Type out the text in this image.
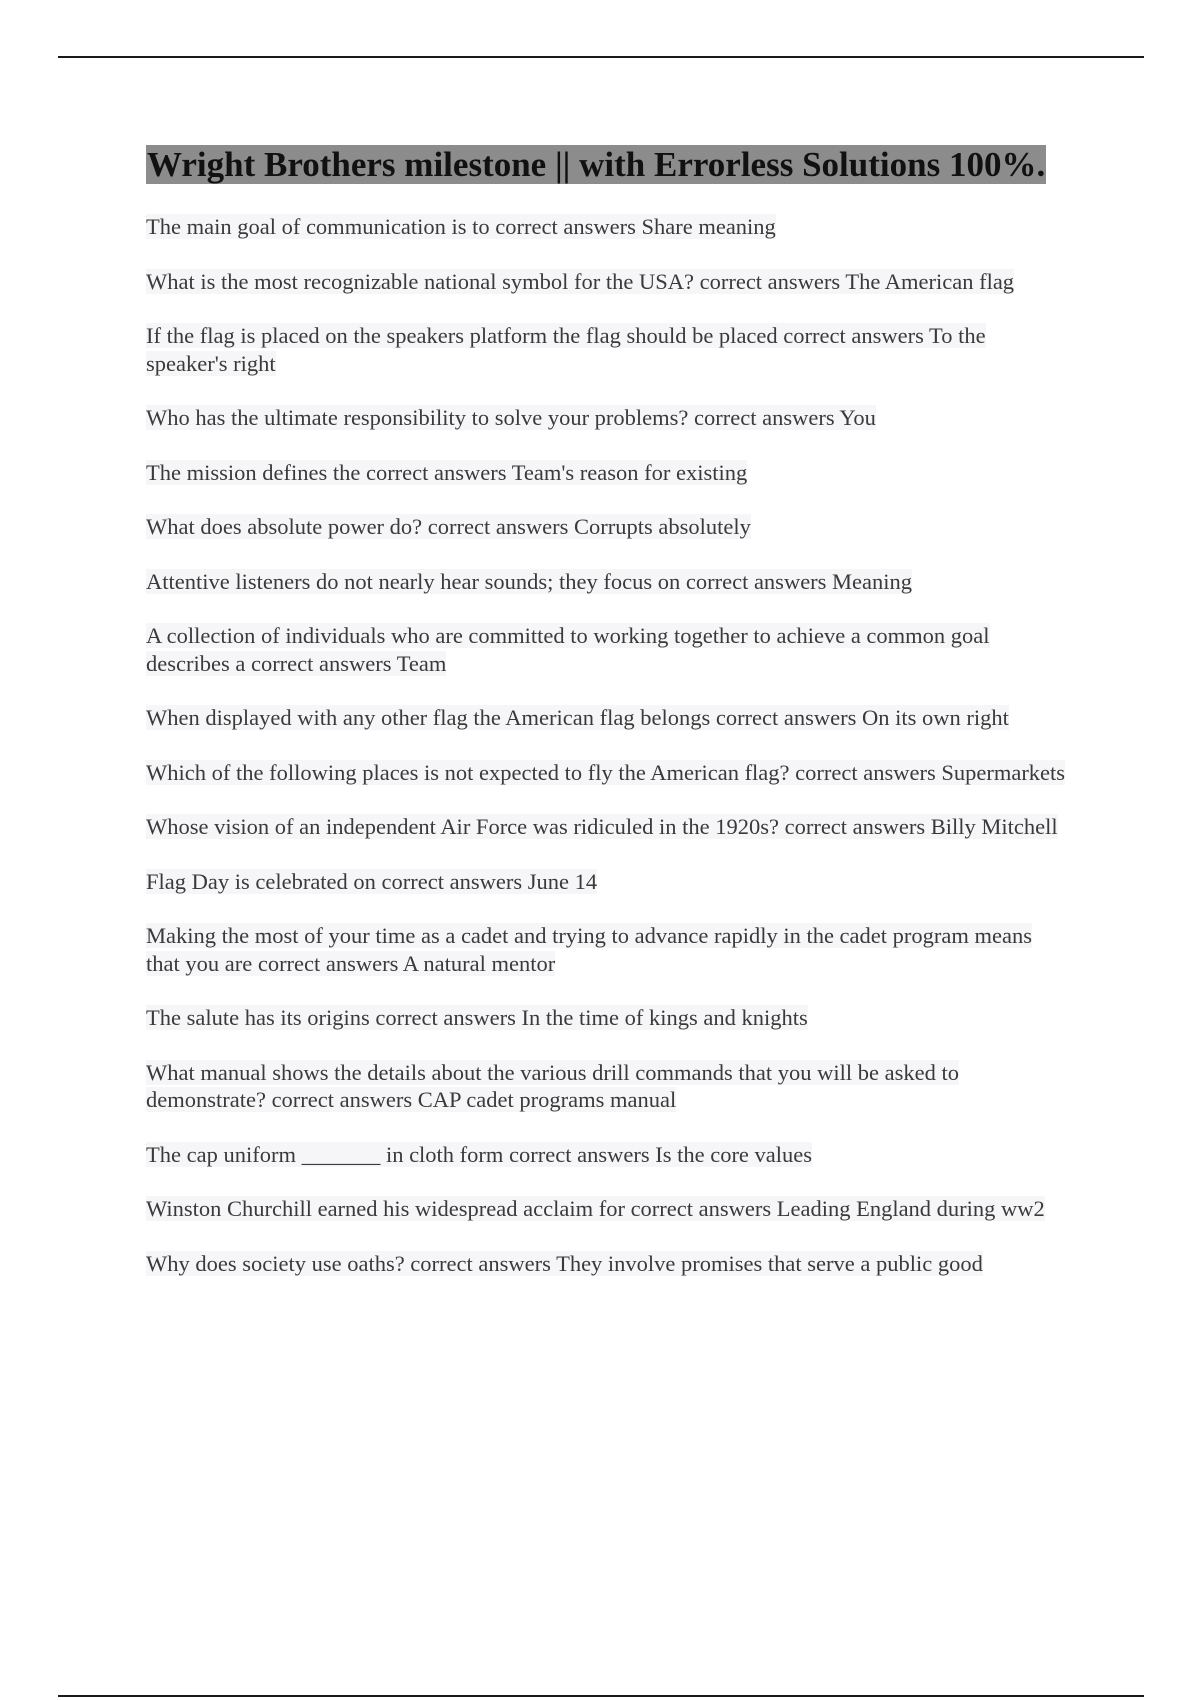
Wright Brothers milestone || with Errorless Solutions 100%.
The main goal of communication is to correct answers Share meaning
What is the most recognizable national symbol for the USA? correct answers The American flag
If the flag is placed on the speakers platform the flag should be placed correct answers To the speaker's right
Who has the ultimate responsibility to solve your problems? correct answers You
The mission defines the correct answers Team's reason for existing
What does absolute power do? correct answers Corrupts absolutely
Attentive listeners do not nearly hear sounds; they focus on correct answers Meaning
A collection of individuals who are committed to working together to achieve a common goal describes a correct answers Team
When displayed with any other flag the American flag belongs correct answers On its own right
Which of the following places is not expected to fly the American flag? correct answers Supermarkets
Whose vision of an independent Air Force was ridiculed in the 1920s? correct answers Billy Mitchell
Flag Day is celebrated on correct answers June 14
Making the most of your time as a cadet and trying to advance rapidly in the cadet program means that you are correct answers A natural mentor
The salute has its origins correct answers In the time of kings and knights
What manual shows the details about the various drill commands that you will be asked to demonstrate? correct answers CAP cadet programs manual
The cap uniform _______ in cloth form correct answers Is the core values
Winston Churchill earned his widespread acclaim for correct answers Leading England during ww2
Why does society use oaths? correct answers They involve promises that serve a public good
